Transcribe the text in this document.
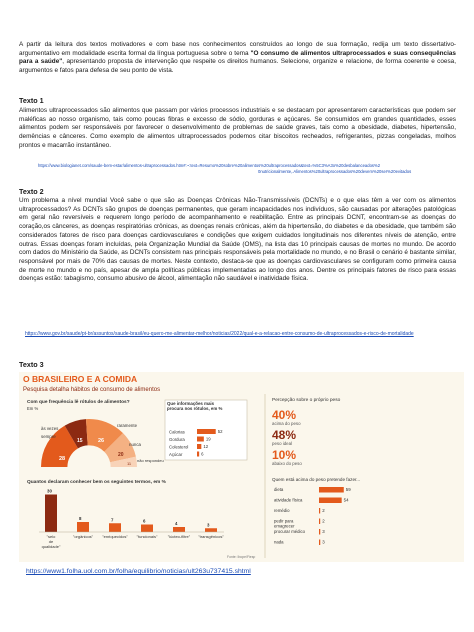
A partir da leitura dos textos motivadores e com base nos conhecimentos construídos ao longo de sua formação, redija um texto dissertativo-argumentativo em modalidade escrita formal da língua portuguesa sobre o tema "O consumo de alimentos ultraprocessados e suas consequências para a saúde", apresentando proposta de intervenção que respeite os direitos humanos. Selecione, organize e relacione, de forma coerente e coesa, argumentos e fatos para defesa de seu ponto de vista.
Texto 1
Alimentos ultraprocessados são alimentos que passam por vários processos industriais e se destacam por apresentarem características que podem ser maléficas ao nosso organismo, tais como poucas fibras e excesso de sódio, gorduras e açúcares. Se consumidos em grandes quantidades, esses alimentos podem ser responsáveis por favorecer o desenvolvimento de problemas de saúde graves, tais como a obesidade, diabetes, hipertensão, demências e cânceres. Como exemplo de alimentos ultraprocessados podemos citar biscoitos recheados, refrigerantes, pizzas congeladas, molhos prontos e macarrão instantâneo.
https://www.biologianet.com/saude-bem-estar/alimentos-ultraprocessados.htm#:~:text=Resumo%20sobre%20alimentos%20ultraprocessados&text=%5C3%A3o%20desbalanceados%2
0nutricionalmente,.Alimentos%20ultraprocessados%20devem%20ser%20evitados
Texto 2
Um problema a nível mundial Você sabe o que são as Doenças Crônicas Não-Transmissíveis (DCNTs) e o que elas têm a ver com os alimentos ultraprocessados? As DCNTs são grupos de doenças permanentes, que geram incapacidades nos indivíduos, são causadas por alterações patológicas em geral não reversíveis e requerem longo período de acompanhamento e reabilitação. Entre as principais DCNT, encontram-se as doenças do coração,os cânceres, as doenças respiratórias crônicas, as doenças renais crônicas, além da hipertensão, do diabetes e da obesidade, que também são considerados fatores de risco para doenças cardiovasculares e condições que exigem cuidados longitudinais nos diferentes níveis de atenção, entre outras. Essas doenças foram incluídas, pela Organização Mundial da Saúde (OMS), na lista das 10 principais causas de mortes no mundo. De acordo com dados do Ministério da Saúde, as DCNTs consistem nas principais responsáveis pela mortalidade no mundo, e no Brasil o cenário é bastante similar, responsável por mais de 70% das causas de mortes. Neste contexto, destaca-se que as doenças cardiovasculares se configuram como primeira causa de morte no mundo e no país, apesar de ampla políticas públicas implementadas ao longo dos anos. Dentre os principais fatores de risco para essas doenças estão: tabagismo, consumo abusivo de álcool, alimentação não saudável e inatividade física.
https://www.gov.br/saude/pt-br/assuntos/saude-brasil/eu-quero-me-alimentar-melhor/noticias/2022/qual-e-a-relacao-entre-consumo-de-ultraprocessados-e-risco-de-mortalidade
Texto 3
O BRASILEIRO E A COMIDA
Pesquisa detalha hábitos de consumo de alimentos
Com que frequência lê rótulos de alimentos?
Em %
às vezes
sempre
raramente
nunca
não respondeu
28
15	26
20
11
Que informações mais procura nos rótulos, em %
Calorias	52
Gordura	19
Colesterol	12
Açúcar	6
Quantos declaram conhecer bem os seguintes termos, em %
30
"selo
de
qualidade"
8
"orgânicos"
7
"enriquecidos"
6
"funcionais"
4
"lúcteo-filtre"
3
"transgênicos"
Fonte: Ibope/Fiesp
Percepção sobre o próprio peso
40%
acima do peso
48%
peso ideal
10%
abaixo do peso
Quem está acima do peso pretende fazer...
dieta	59
atividade física	54
remédio	2
pedir para
emagrecer
2
procurar médico	3
nada	3
https://www1.folha.uol.com.br/folha/equilibrio/noticias/ult263u737415.shtml
